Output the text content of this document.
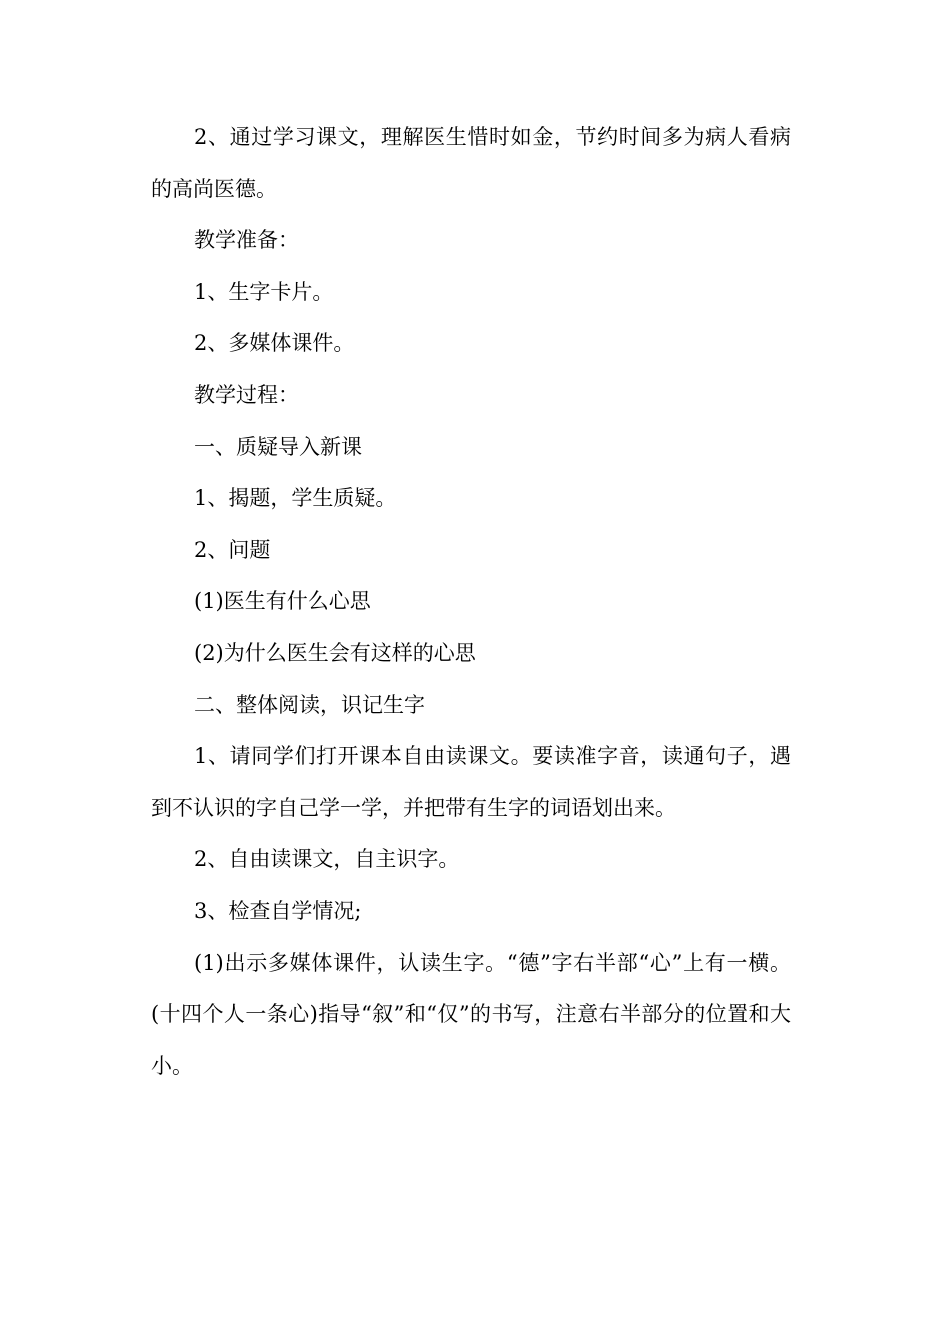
2、通过学习课文，理解医生惜时如金，节约时间多为病人看病的高尚医德。

教学准备：

1、生字卡片。

2、多媒体课件。

教学过程：

一、质疑导入新课

1、揭题，学生质疑。

2、问题

(1)医生有什么心思

(2)为什么医生会有这样的心思

二、整体阅读，识记生字

1、请同学们打开课本自由读课文。要读准字音，读通句子，遇到不认识的字自己学一学，并把带有生字的词语划出来。

2、自由读课文，自主识字。

3、检查自学情况;

(1)出示多媒体课件，认读生字。“德”字右半部“心”上有一横。(十四个人一条心)指导“叙”和“仅”的书写，注意右半部分的位置和大小。
